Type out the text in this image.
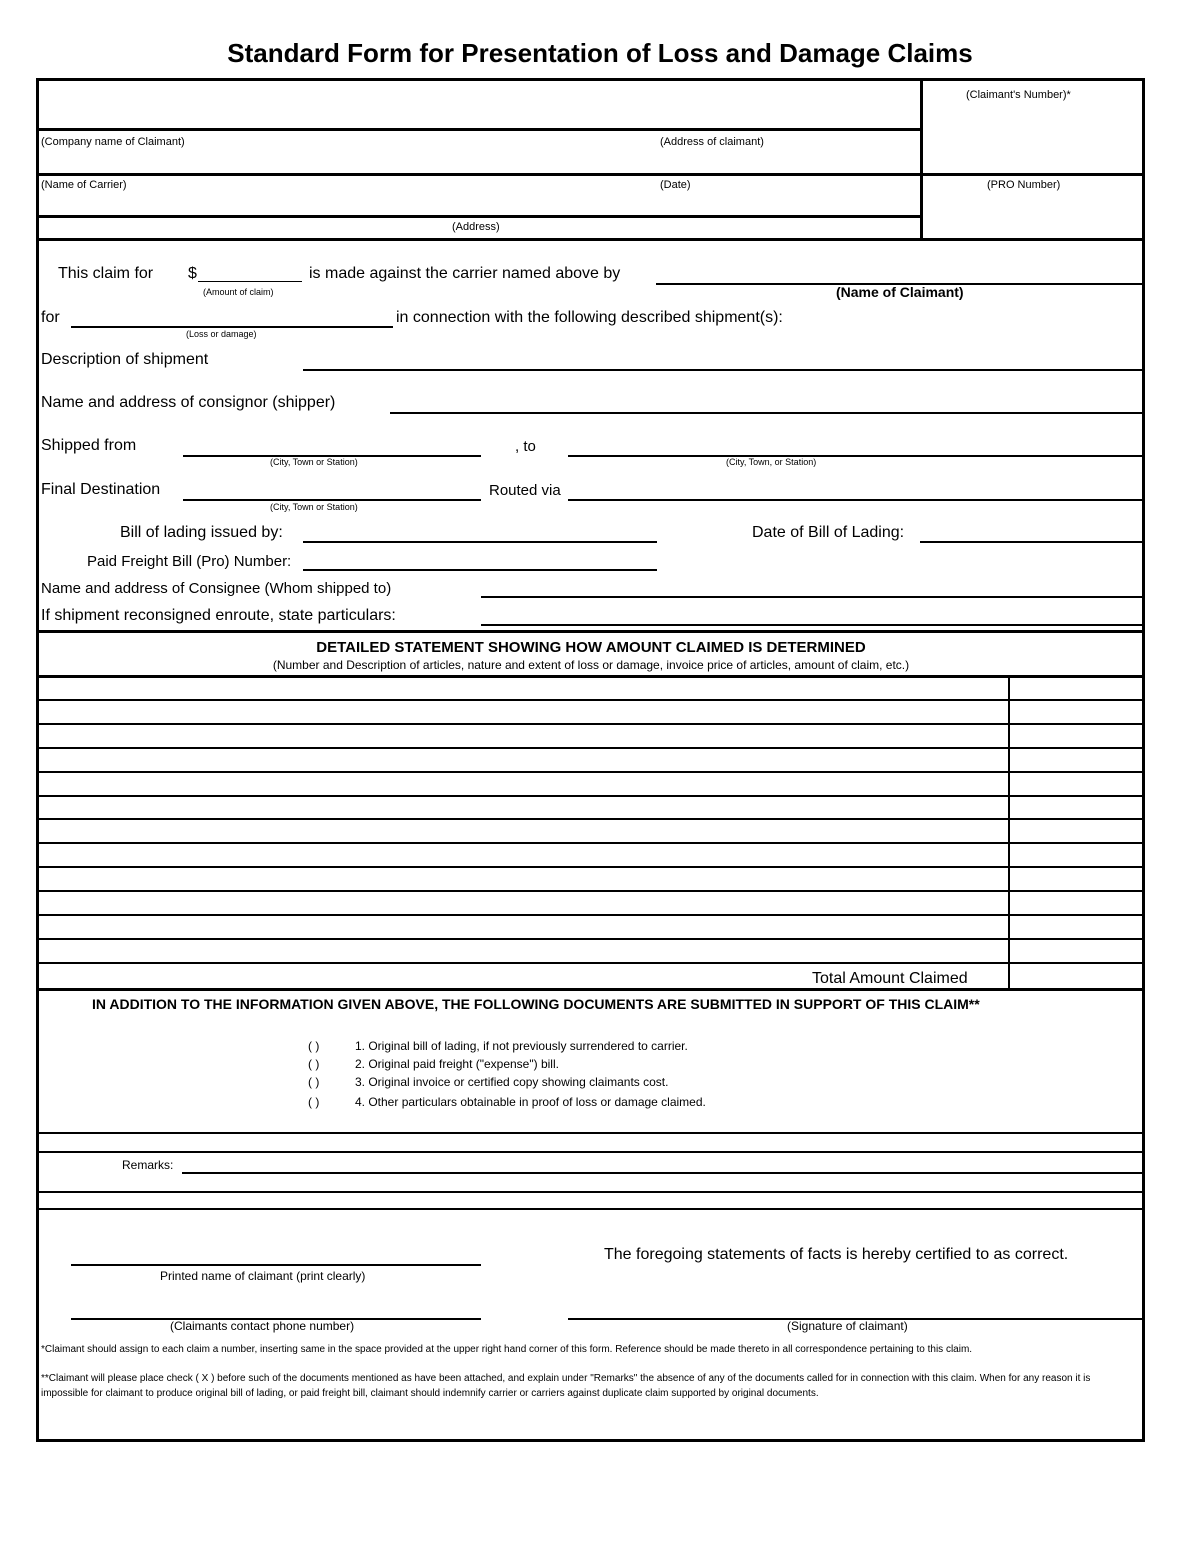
Standard Form for Presentation of Loss and Damage Claims
(Claimant's Number)*
(Company name of Claimant)	(Address of claimant)
(Name of Carrier)	(Date)	(PRO Number)
(Address)
This claim for $	is made against the carrier named above by
(Amount of claim)	(Name of Claimant)
for	in connection with the following described shipment(s):
(Loss or damage)
Description of shipment
Name and address of consignor (shipper)
Shipped from	, to
(City, Town or Station)	(City, Town, or Station)
Final Destination	Routed via
(City, Town or Station)
Bill of lading issued by:	Date of Bill of Lading:
Paid Freight Bill (Pro) Number:
Name and address of Consignee (Whom shipped to)
If shipment reconsigned enroute, state particulars:
DETAILED STATEMENT SHOWING HOW AMOUNT CLAIMED IS DETERMINED
(Number and Description of articles, nature and extent of loss or damage, invoice price of articles, amount of claim, etc.)
Total Amount Claimed
IN ADDITION TO THE INFORMATION GIVEN ABOVE, THE FOLLOWING DOCUMENTS ARE SUBMITTED IN SUPPORT OF THIS CLAIM**
( )	1. Original bill of lading, if not previously surrendered to carrier.
( )	2. Original paid freight ("expense") bill.
( )	3. Original invoice or certified copy showing claimants cost.
( )	4. Other particulars obtainable in proof of loss or damage claimed.
Remarks:
The foregoing statements of facts is hereby certified to as correct.
Printed name of claimant (print clearly)
(Claimants contact phone number)	(Signature of claimant)
*Claimant should assign to each claim a number, inserting same in the space provided at the upper right hand corner of this form. Reference should be made thereto in all correspondence pertaining to this claim.
**Claimant will please place check ( X ) before such of the documents mentioned as have been attached, and explain under "Remarks" the absence of any of the documents called for in connection with this claim. When for any reason it is impossible for claimant to produce original bill of lading, or paid freight bill, claimant should indemnify carrier or carriers against duplicate claim supported by original documents.
